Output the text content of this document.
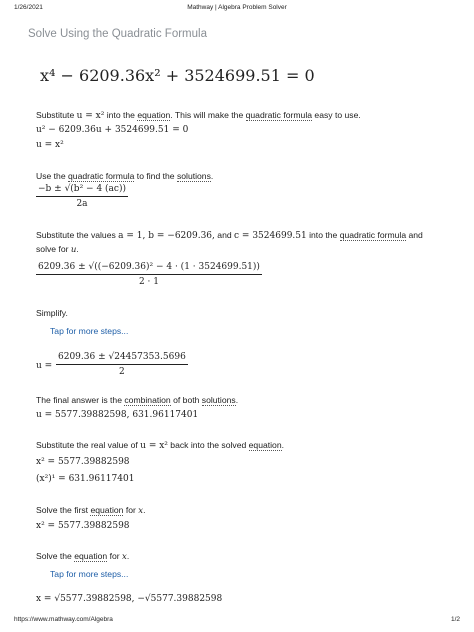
1/26/2021	Mathway | Algebra Problem Solver
Solve Using the Quadratic Formula
x⁴ − 6209.36x² + 3524699.51 = 0
Substitute u = x² into the equation. This will make the quadratic formula easy to use.
u² − 6209.36u + 3524699.51 = 0
u = x²
Use the quadratic formula to find the solutions.
$\frac{\text{−b ± √(b² − 4 (ac))}}{2a}$
Substitute the values a = 1, b = −6209.36, and c = 3524699.51 into the quadratic formula and
solve for u.
$\frac{\text{6209.36 ± √((−6209.36)² − 4 · (1 · 3524699.51))}}{2 \cdot 1}$
Simplify.
Tap for more steps...
$u = \frac{6209.36 \pm √24457353.5696}{2}$
The final answer is the combination of both solutions.
u = 5577.39882598, 631.96117401
Substitute the real value of u = x² back into the solved equation.
x² = 5577.39882598
(x²)¹ = 631.96117401
Solve the first equation for x.
x² = 5577.39882598
Solve the equation for x.
Tap for more steps...
x = √5577.39882598, −√5577.39882598
https://www.mathway.com/Algebra	1/2
